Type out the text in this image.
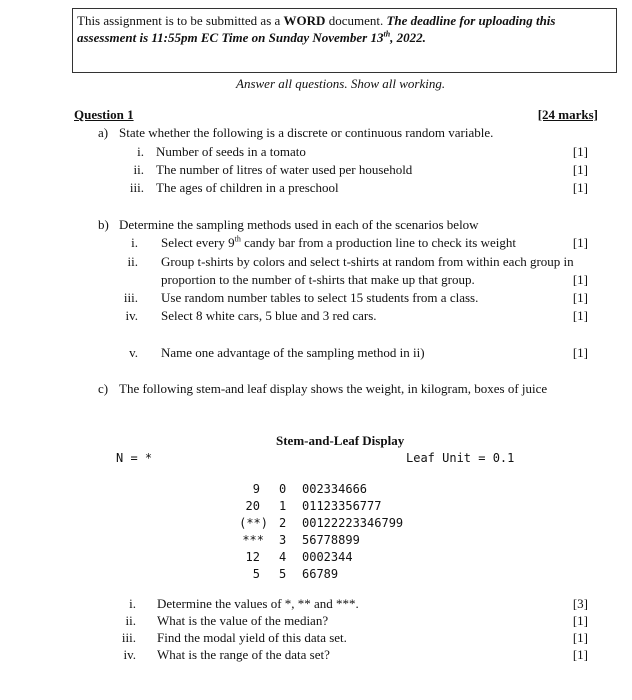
This assignment is to be submitted as a WORD document. The deadline for uploading this assessment is 11:55pm EC Time on Sunday November 13th, 2022.
Answer all questions. Show all working.
Question 1	[24 marks]
a) State whether the following is a discrete or continuous random variable.
i. Number of seeds in a tomato	[1]
ii. The number of litres of water used per household	[1]
iii. The ages of children in a preschool	[1]
b) Determine the sampling methods used in each of the scenarios below
i. Select every 9th candy bar from a production line to check its weight	[1]
ii. Group t-shirts by colors and select t-shirts at random from within each group in
proportion to the number of t-shirts that make up that group.	[1]
iii. Use random number tables to select 15 students from a class.	[1]
iv. Select 8 white cars, 5 blue and 3 red cars.	[1]
v. Name one advantage of the sampling method in ii)	[1]
c) The following stem-and leaf display shows the weight, in kilogram, boxes of juice
Stem-and-Leaf Display
N = *	Leaf Unit = 0.1
9 0 002334666
20 1 01123356777
(**) 2 00122223346799
*** 3 56778899
12 4 0002344
5 5 66789
i. Determine the values of *, ** and ***.	[3]
ii. What is the value of the median?	[1]
iii. Find the modal yield of this data set.	[1]
iv. What is the range of the data set?	[1]
